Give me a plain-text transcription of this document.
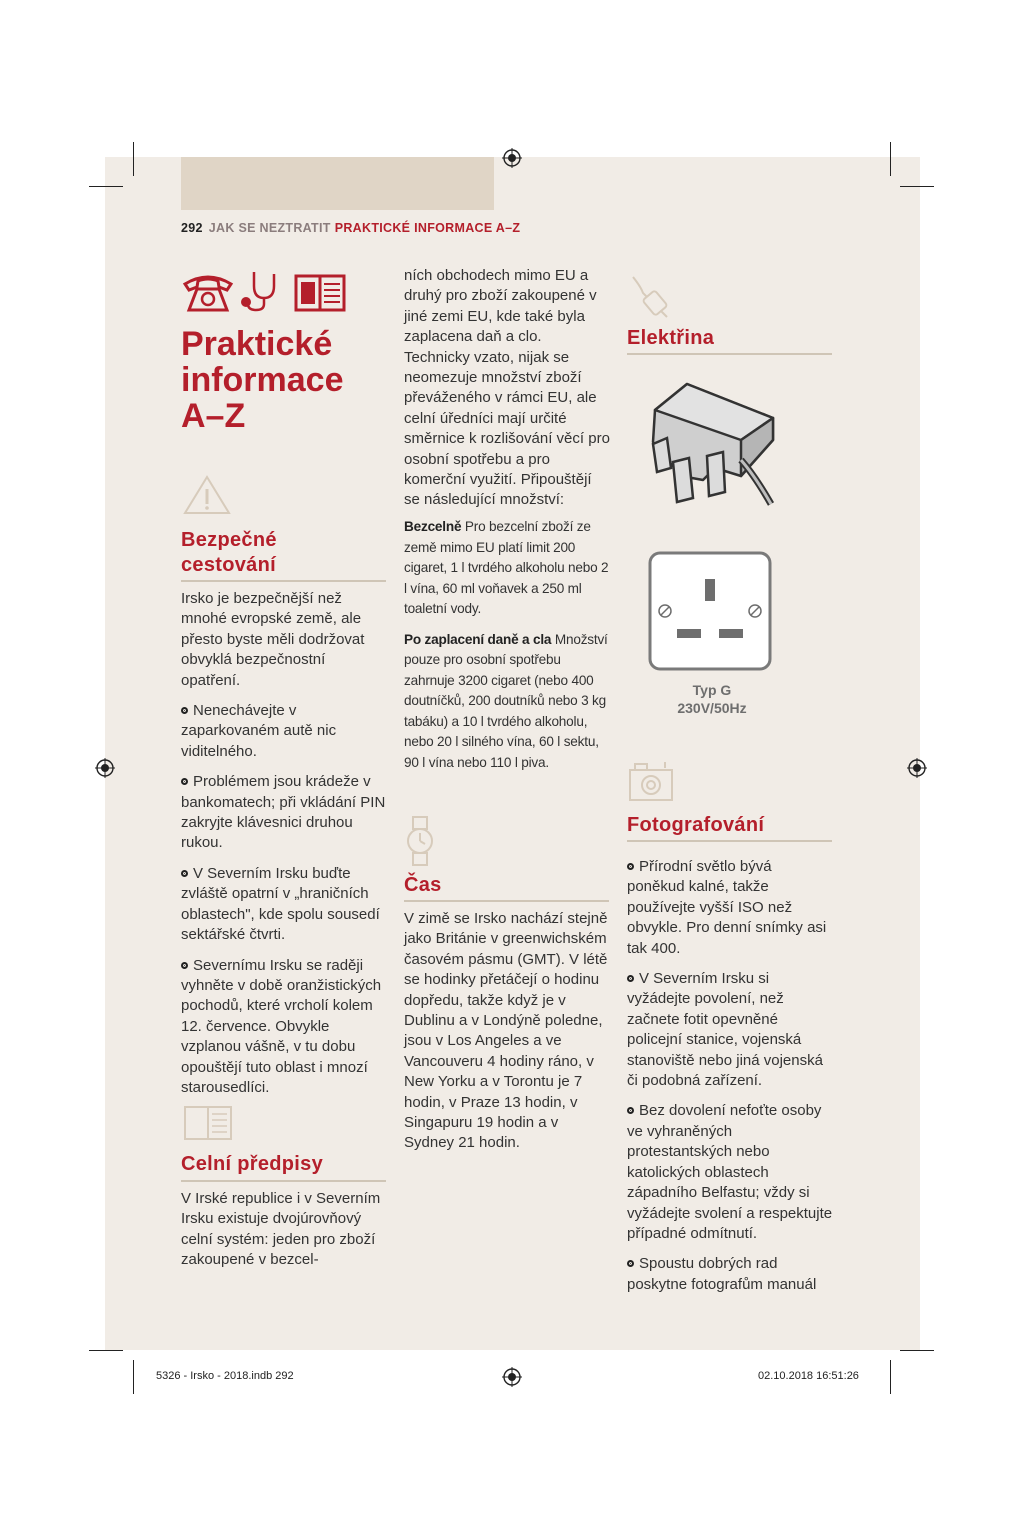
292 JAK SE NEZTRATIT PRAKTICKÉ INFORMACE A–Z
Praktické
informace
A–Z
Bezpečné
cestování

Irsko je bezpečnější než mnohé evropské země, ale přesto byste měli dodržovat obvyklá bezpečnostní opatření.

Nenechávejte v zaparkovaném autě nic viditelného.

Problémem jsou krádeže v bankomatech; při vkládání PIN zakryjte klávesnici druhou rukou.

V Severním Irsku buďte zvláště opatrní v „hraničních oblastech", kde spolu sousedí sektářské čtvrti.

Severnímu Irsku se raději vyhněte v době oranžistických pochodů, které vrcholí kolem 12. července. Obvykle vzplanou vášně, v tu dobu opouštějí tuto oblast i mnozí starousedlíci.

Celní předpisy

V Irské republice i v Severním Irsku existuje dvojúrovňový celní systém: jeden pro zboží zakoupené v bezcel-

ních obchodech mimo EU a druhý pro zboží zakoupené v jiné zemi EU, kde také byla zaplacena daň a clo. Technicky vzato, nijak se neomezuje množství zboží převáženého v rámci EU, ale celní úředníci mají určité směrnice k rozlišování věcí pro osobní spotřebu a pro komerční využití. Připouštějí se následující množství:

Bezcelně Pro bezcelní zboží ze země mimo EU platí limit 200 cigaret, 1 l tvrdého alkoholu nebo 2 l vína, 60 ml voňavek a 250 ml toaletní vody.

Po zaplacení daně a cla Množství pouze pro osobní spotřebu zahrnuje 3200 cigaret (nebo 400 doutníčků, 200 doutníků nebo 3 kg tabáku) a 10 l tvrdého alkoholu, nebo 20 l silného vína, 60 l sektu, 90 l vína nebo 110 l piva.

Čas

V zimě se Irsko nachází stejně jako Británie v greenwichském časovém pásmu (GMT). V létě se hodinky přetáčejí o hodinu dopředu, takže když je v Dublinu a v Londýně poledne, jsou v Los Angeles a ve Vancouveru 4 hodiny ráno, v New Yorku a v Torontu je 7 hodin, v Praze 13 hodin, v Singapuru 19 hodin a v Sydney 21 hodin.

Elektřina
Typ G
230V/50Hz
Fotografování

Přírodní světlo bývá poněkud kalné, takže používejte vyšší ISO než obvykle. Pro denní snímky asi tak 400.

V Severním Irsku si vyžádejte povolení, než začnete fotit opevněné policejní stanice, vojenská stanoviště nebo jiná vojenská či podobná zařízení.

Bez dovolení nefoťte osoby ve vyhraněných protestantských nebo katolických oblastech západního Belfastu; vždy si vyžádejte svolení a respektujte případné odmítnutí.

Spoustu dobrých rad poskytne fotografům manuál

5326 - Irsko - 2018.indb 292	02.10.2018 16:51:26
